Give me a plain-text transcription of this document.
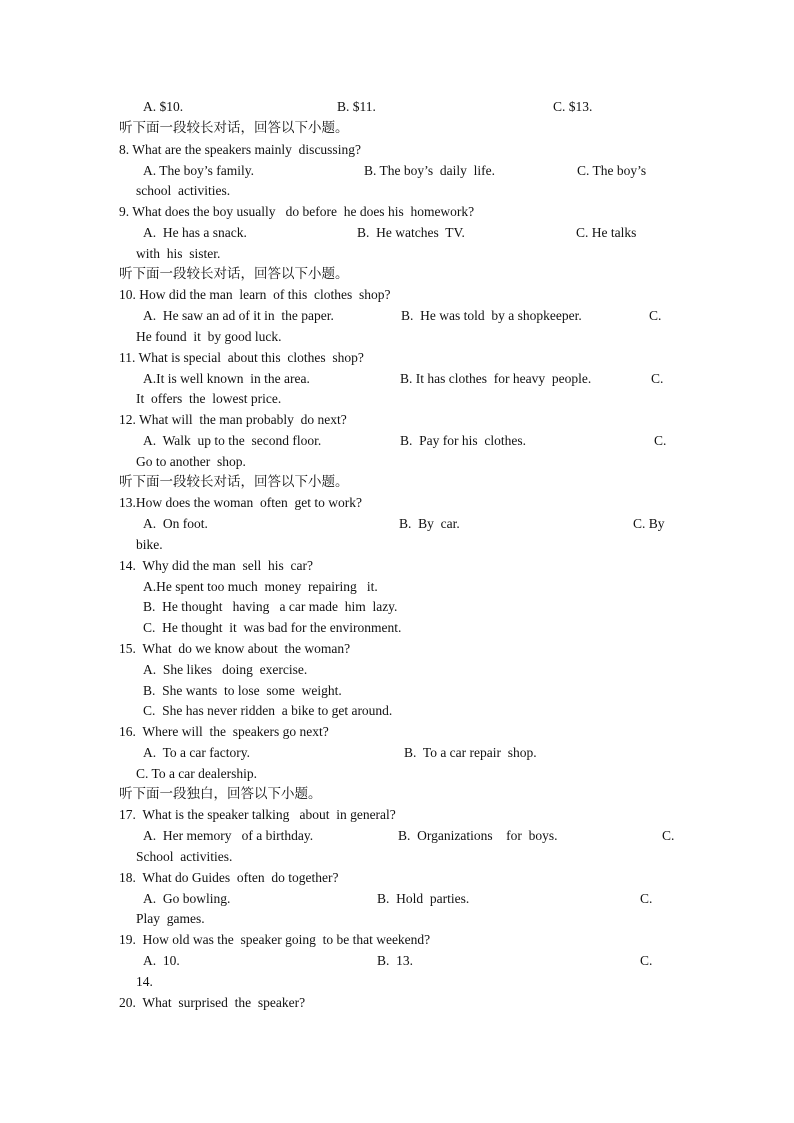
A. $10.	B. $11.	C. $13.
听下面一段较长对话，回答以下小题。
8. What are the speakers mainly  discussing?
A. The boy’s family.	B. The boy’s  daily  life.	C. The boy’s
school  activities.
9. What does the boy usually   do before  he does his  homework?
A.  He has a snack.	B.  He watches  TV.	C. He talks
with  his  sister.
听下面一段较长对话，回答以下小题。
10. How did the man  learn  of this  clothes  shop?
A.  He saw an ad of it in  the paper.	B.  He was told  by a shopkeeper.	C.
He found  it  by good luck.
11. What is special  about this  clothes  shop?
A.It is well known  in the area.	B. It has clothes  for heavy  people.	C.
It  offers  the  lowest price.
12. What will  the man probably  do next?
A.  Walk  up to the  second floor.	B.  Pay for his  clothes.	C.
Go to another  shop.
听下面一段较长对话，回答以下小题。
13.How does the woman  often  get to work?
A.  On foot.	B.  By  car.	C. By
bike.
14.  Why did the man  sell  his  car?
A.He spent too much  money  repairing   it.
B.  He thought   having   a car made  him  lazy.
C.  He thought  it  was bad for the environment.
15.  What  do we know about  the woman?
A.  She likes   doing  exercise.
B.  She wants  to lose  some  weight.
C.  She has never ridden  a bike to get around.
16.  Where will  the  speakers go next?
A.  To a car factory.	B.  To a car repair  shop.
C. To a car dealership.
听下面一段独白，回答以下小题。
17.  What is the speaker talking   about  in general?
A.  Her memory   of a birthday.	B.  Organizations    for  boys.	C.
School  activities.
18.  What do Guides  often  do together?
A.  Go bowling.	B.  Hold  parties.	C.
Play  games.
19.  How old was the  speaker going  to be that weekend?
A.  10.	B.  13.	C.
14.
20.  What  surprised  the  speaker?
